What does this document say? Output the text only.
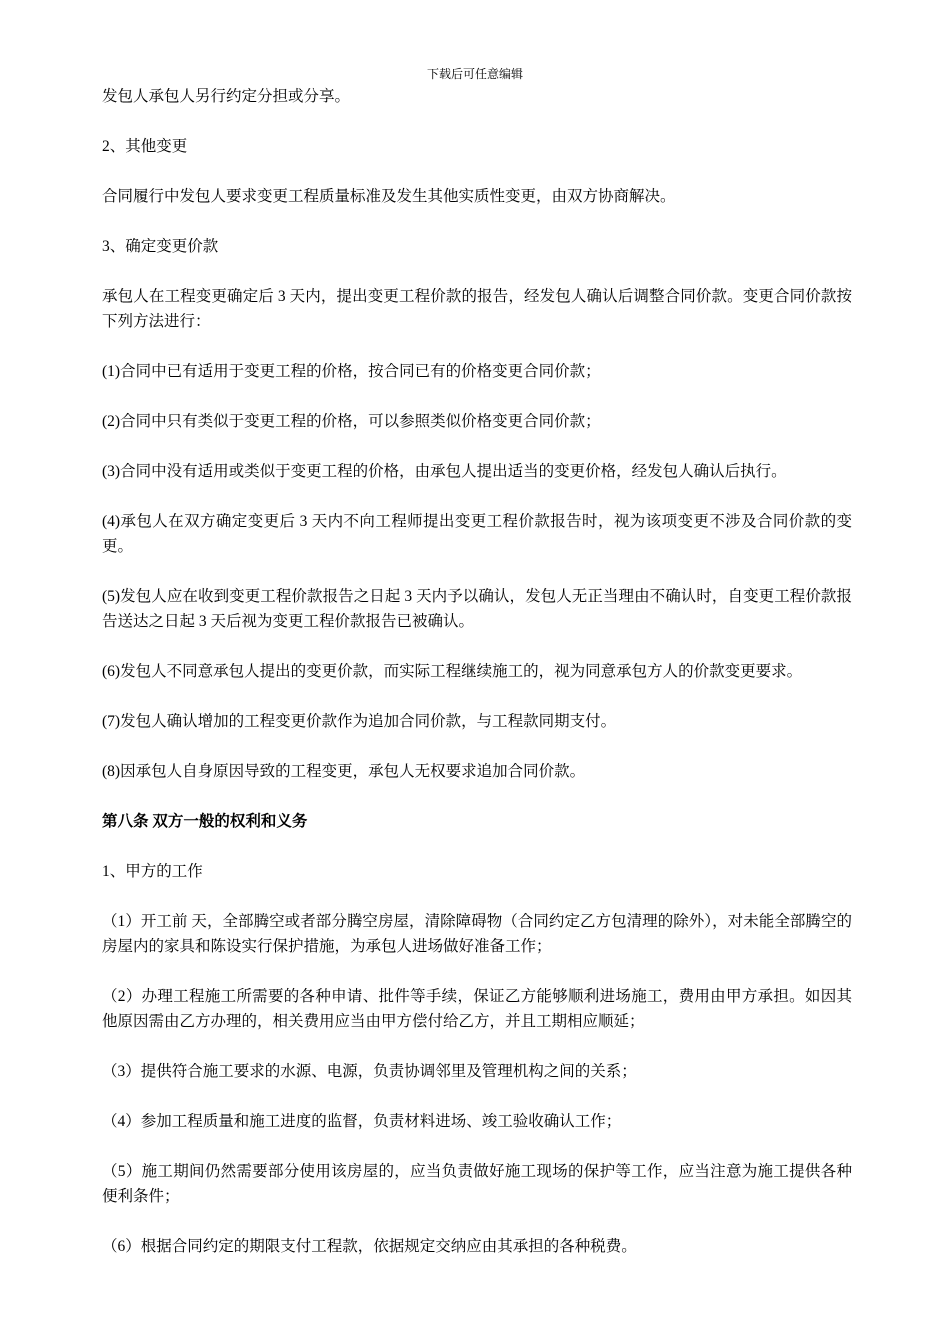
下载后可任意编辑

发包人承包人另行约定分担或分享。

2、其他变更

合同履行中发包人要求变更工程质量标准及发生其他实质性变更，由双方协商解决。

3、确定变更价款

承包人在工程变更确定后 3 天内，提出变更工程价款的报告，经发包人确认后调整合同价款。变更合同价款按下列方法进行：

(1)合同中已有适用于变更工程的价格，按合同已有的价格变更合同价款；

(2)合同中只有类似于变更工程的价格，可以参照类似价格变更合同价款；

(3)合同中没有适用或类似于变更工程的价格，由承包人提出适当的变更价格，经发包人确认后执行。

(4)承包人在双方确定变更后 3 天内不向工程师提出变更工程价款报告时，视为该项变更不涉及合同价款的变更。

(5)发包人应在收到变更工程价款报告之日起 3 天内予以确认，发包人无正当理由不确认时，自变更工程价款报告送达之日起 3 天后视为变更工程价款报告已被确认。

(6)发包人不同意承包人提出的变更价款，而实际工程继续施工的，视为同意承包方人的价款变更要求。

(7)发包人确认增加的工程变更价款作为追加合同价款，与工程款同期支付。

(8)因承包人自身原因导致的工程变更，承包人无权要求追加合同价款。

第八条 双方一般的权利和义务

1、甲方的工作

（1）开工前 天，全部腾空或者部分腾空房屋，清除障碍物（合同约定乙方包清理的除外），对未能全部腾空的房屋内的家具和陈设实行保护措施，为承包人进场做好准备工作；

（2）办理工程施工所需要的各种申请、批件等手续，保证乙方能够顺利进场施工，费用由甲方承担。如因其他原因需由乙方办理的，相关费用应当由甲方偿付给乙方，并且工期相应顺延；

（3）提供符合施工要求的水源、电源，负责协调邻里及管理机构之间的关系；

（4）参加工程质量和施工进度的监督，负责材料进场、竣工验收确认工作；

（5）施工期间仍然需要部分使用该房屋的，应当负责做好施工现场的保护等工作，应当注意为施工提供各种便利条件；

（6）根据合同约定的期限支付工程款，依据规定交纳应由其承担的各种税费。
